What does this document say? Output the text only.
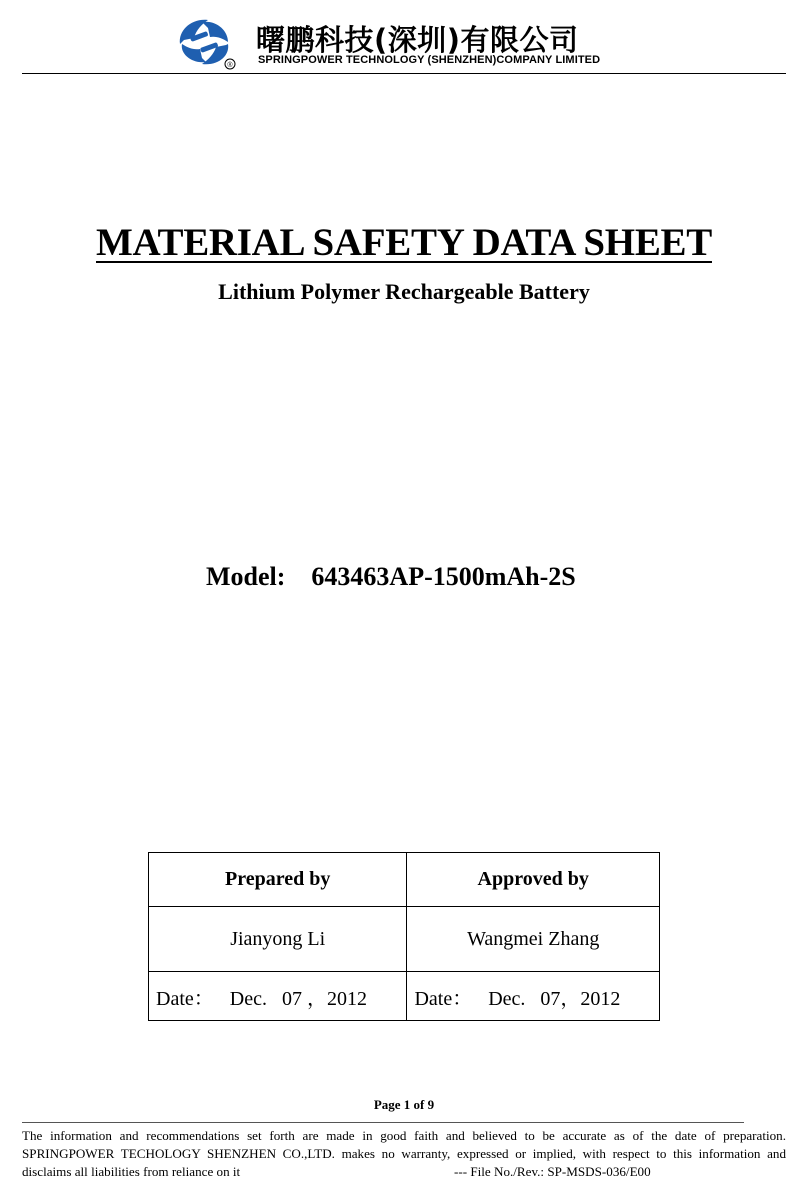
®
曙鹏科技(深圳)有限公司
SPRINGPOWER TECHNOLOGY (SHENZHEN)COMPANY LIMITED
MATERIAL SAFETY DATA SHEET
Lithium Polymer Rechargeable Battery
Model: 643463AP-1500mAh-2S
Prepared by	Approved by
Jianyong Li	Wangmei Zhang
Date： Dec.   07 ，2012	Date： Dec.   07，2012
Page 1 of 9
The information and recommendations set forth are made in good faith and believed to be accurate as of the date of preparation.
SPRINGPOWER TECHOLOGY SHENZHEN CO.,LTD. makes no warranty, expressed or implied, with respect to this information and
disclaims all liabilities from reliance on it	--- File No./Rev.: SP-MSDS-036/E00
